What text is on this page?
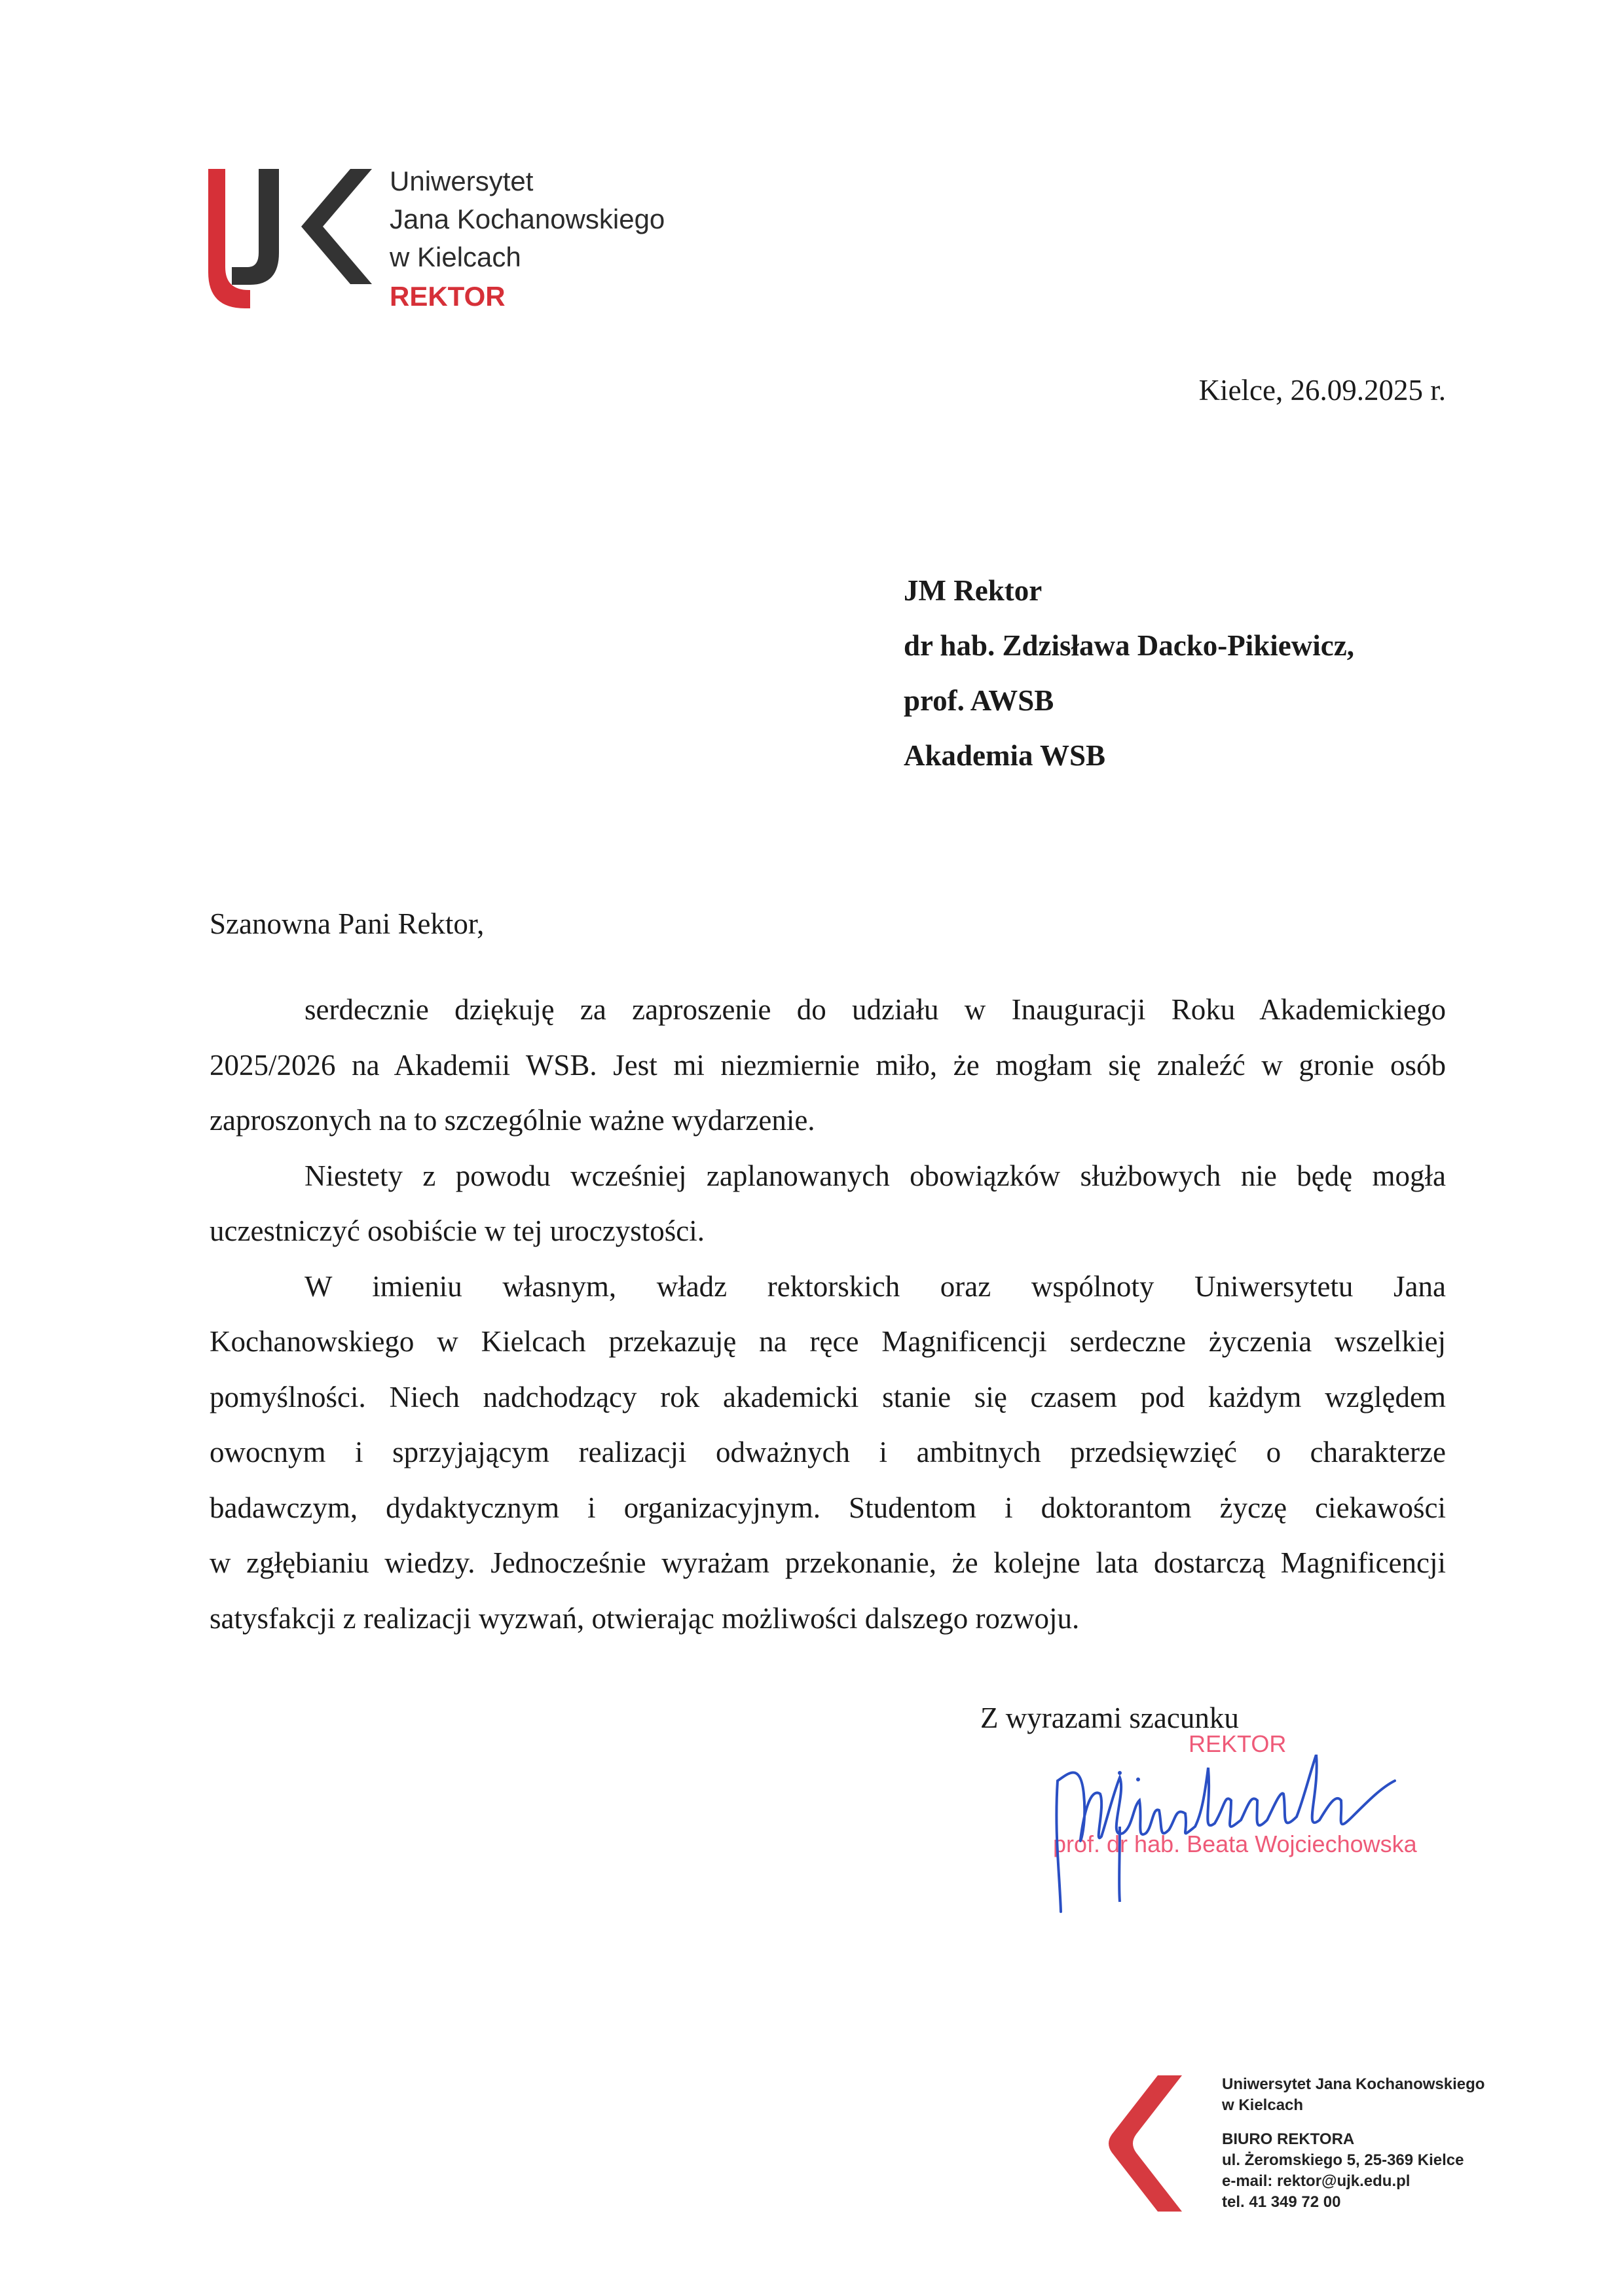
Uniwersytet
Jana Kochanowskiego
w Kielcach
REKTOR
Kielce, 26.09.2025 r.
JM Rektor
dr hab. Zdzisława Dacko-Pikiewicz,
prof. AWSB
Akademia WSB
Szanowna Pani Rektor,
serdecznie dziękuję za zaproszenie do udziału w Inauguracji Roku Akademickiego
2025/2026 na Akademii WSB. Jest mi niezmiernie miło, że mogłam się znaleźć w gronie osób
zaproszonych na to szczególnie ważne wydarzenie.
Niestety z powodu wcześniej zaplanowanych obowiązków służbowych nie będę mogła
uczestniczyć osobiście w tej uroczystości.
W imieniu własnym, władz rektorskich oraz wspólnoty Uniwersytetu Jana
Kochanowskiego w Kielcach przekazuję na ręce Magnificencji serdeczne życzenia wszelkiej
pomyślności. Niech nadchodzący rok akademicki stanie się czasem pod każdym względem
owocnym i sprzyjającym realizacji odważnych i ambitnych przedsięwzięć o charakterze
badawczym, dydaktycznym i organizacyjnym. Studentom i doktorantom życzę ciekawości
w zgłębianiu wiedzy. Jednocześnie wyrażam przekonanie, że kolejne lata dostarczą Magnificencji
satysfakcji z realizacji wyzwań, otwierając możliwości dalszego rozwoju.
Z wyrazami szacunku
REKTOR
prof. dr hab. Beata Wojciechowska
Uniwersytet Jana Kochanowskiego
w Kielcach
BIURO REKTORA
ul. Żeromskiego 5, 25-369 Kielce
e-mail: rektor@ujk.edu.pl
tel. 41 349 72 00
